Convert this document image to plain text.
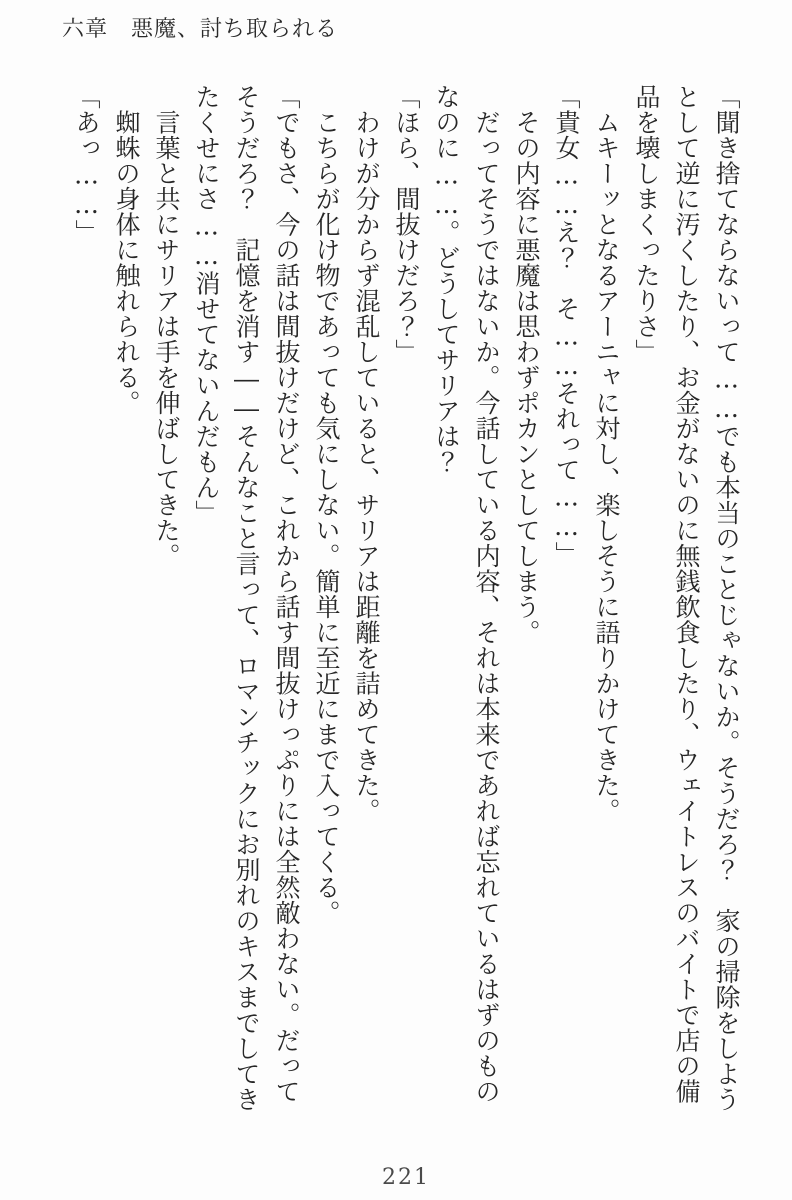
六章　悪魔、討ち取られる

「聞き捨てならないって……でも本当のことじゃないか。そうだろ？　家の掃除をしよう

として逆に汚くしたり、お金がないのに無銭飲食したり、ウェイトレスのバイトで店の備

品を壊しまくったりさ」

　ムキーッとなるアーニャに対し、楽しそうに語りかけてきた。

「貴女……え？　そ……それって……」

　その内容に悪魔は思わずポカンとしてしまう。

　だってそうではないか。今話している内容、それは本来であれば忘れているはずのもの

なのに……。どうしてサリアは？

「ほら、間抜けだろ？」

　わけが分からず混乱していると、サリアは距離を詰めてきた。

　こちらが化け物であっても気にしない。簡単に至近にまで入ってくる。

「でもさ、今の話は間抜けだけど、これから話す間抜けっぷりには全然敵わない。だって

そうだろ？　記憶を消す――そんなこと言って、ロマンチックにお別れのキスまでしてき

たくせにさ……消せてないんだもん」

　言葉と共にサリアは手を伸ばしてきた。

　蜘蛛の身体に触れられる。

「あっ……」

221
